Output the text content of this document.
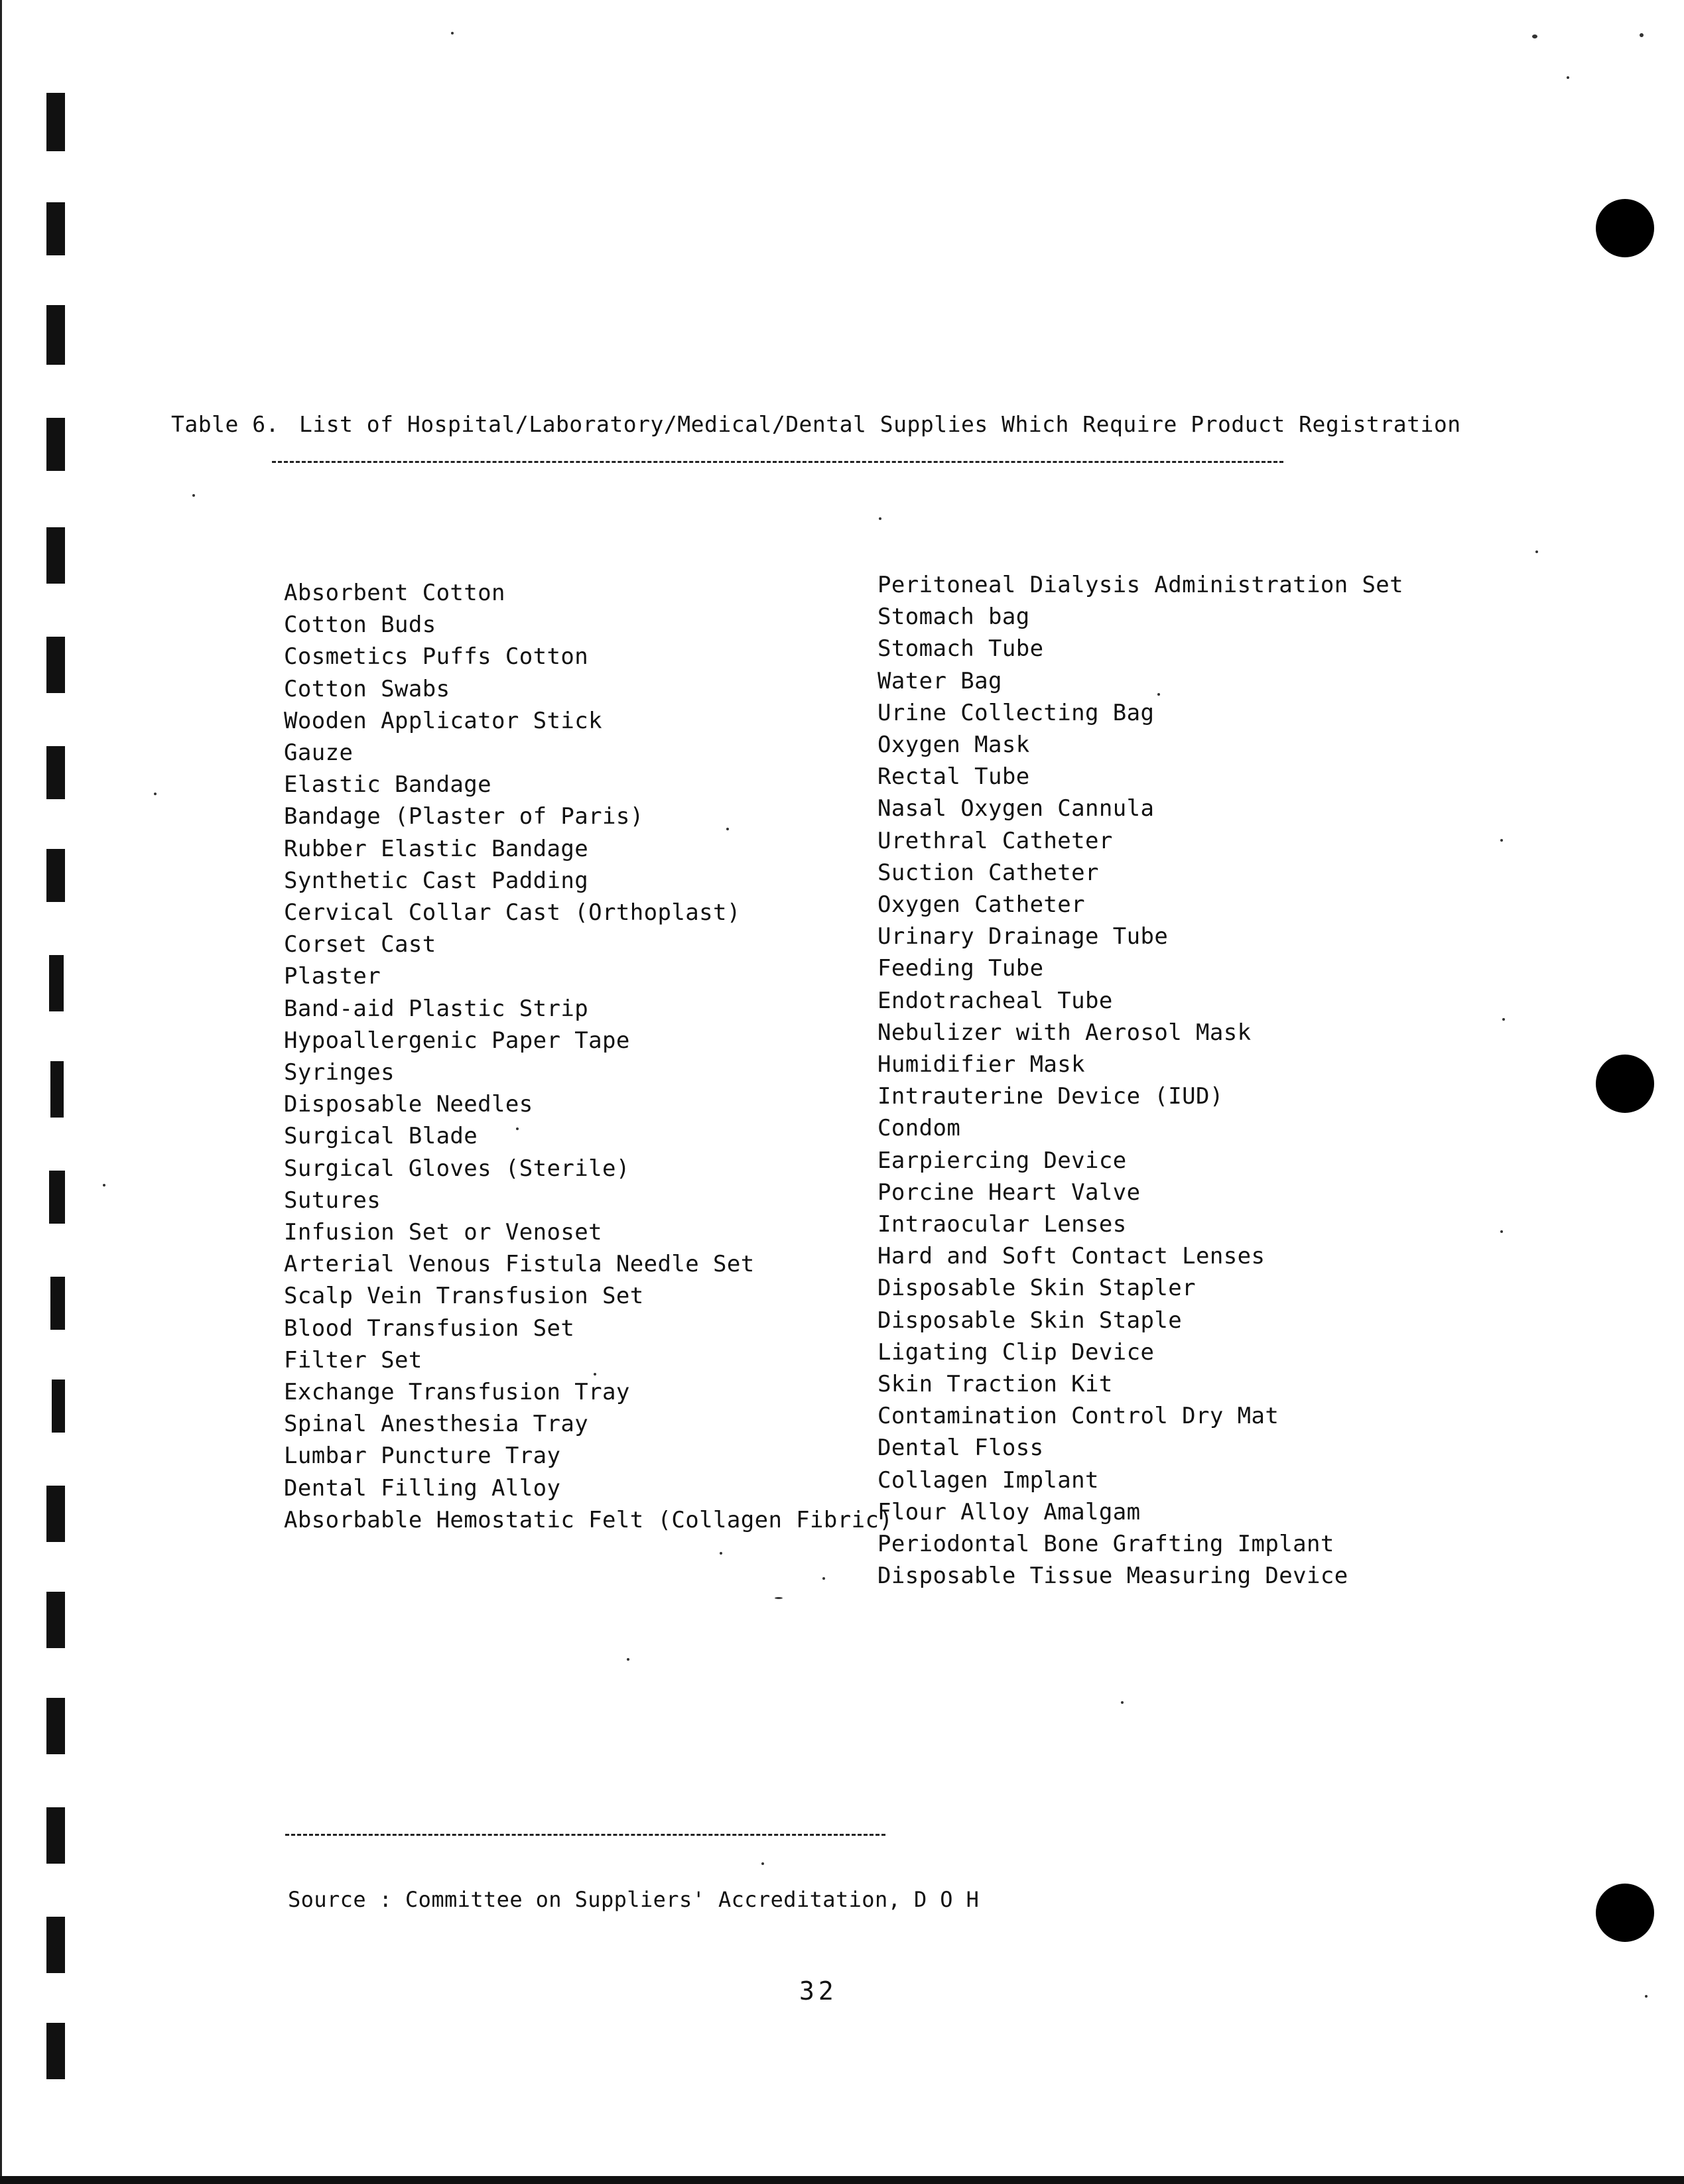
Table 6. List of Hospital/Laboratory/Medical/Dental Supplies Which Require Product Registration
Absorbent Cotton
Cotton Buds
Cosmetics Puffs Cotton
Cotton Swabs
Wooden Applicator Stick
Gauze
Elastic Bandage
Bandage (Plaster of Paris)
Rubber Elastic Bandage
Synthetic Cast Padding
Cervical Collar Cast (Orthoplast)
Corset Cast
Plaster
Band-aid Plastic Strip
Hypoallergenic Paper Tape
Syringes
Disposable Needles
Surgical Blade
Surgical Gloves (Sterile)
Sutures
Infusion Set or Venoset
Arterial Venous Fistula Needle Set
Scalp Vein Transfusion Set
Blood Transfusion Set
Filter Set
Exchange Transfusion Tray
Spinal Anesthesia Tray
Lumbar Puncture Tray
Dental Filling Alloy
Absorbable Hemostatic Felt (Collagen Fibric)
Peritoneal Dialysis Administration Set
Stomach bag
Stomach Tube
Water Bag
Urine Collecting Bag
Oxygen Mask
Rectal Tube
Nasal Oxygen Cannula
Urethral Catheter
Suction Catheter
Oxygen Catheter
Urinary Drainage Tube
Feeding Tube
Endotracheal Tube
Nebulizer with Aerosol Mask
Humidifier Mask
Intrauterine Device (IUD)
Condom
Earpiercing Device
Porcine Heart Valve
Intraocular Lenses
Hard and Soft Contact Lenses
Disposable Skin Stapler
Disposable Skin Staple
Ligating Clip Device
Skin Traction Kit
Contamination Control Dry Mat
Dental Floss
Collagen Implant
Flour Alloy Amalgam
Periodontal Bone Grafting Implant
Disposable Tissue Measuring Device
Source : Committee on Suppliers' Accreditation, D O H
32
